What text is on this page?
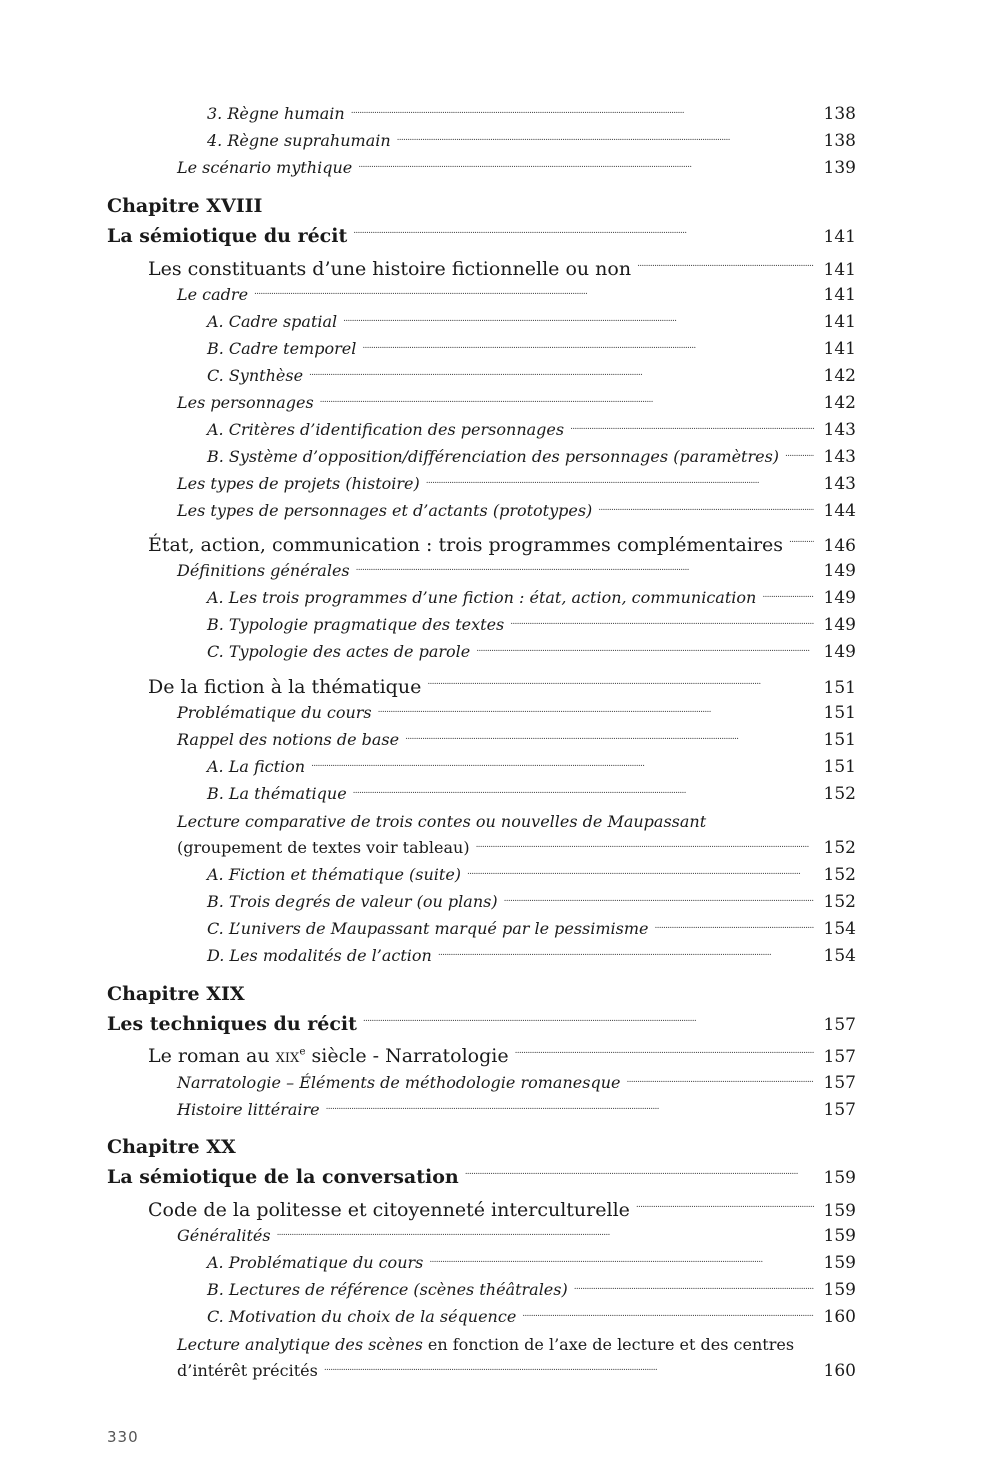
3. Règne humain . . .	138
4. Règne suprahumain . . .	138
Le scénario mythique . . .	139
Chapitre XVIII
La sémiotique du récit . . .	141
Les constituants d’une histoire fictionnelle ou non . . .	141
Le cadre . . .	141
A. Cadre spatial . . .	141
B. Cadre temporel . . .	141
C. Synthèse . . .	142
Les personnages . . .	142
A. Critères d’identification des personnages . . .	143
B. Système d’opposition/différenciation des personnages (paramètres) . . .	143
Les types de projets (histoire) . . .	143
Les types de personnages et d’actants (prototypes) . . .	144
État, action, communication : trois programmes complémentaires . . .	146
Définitions générales . . .	149
A. Les trois programmes d’une fiction : état, action, communication . . .	149
B. Typologie pragmatique des textes . . .	149
C. Typologie des actes de parole . . .	149
De la fiction à la thématique . . .	151
Problématique du cours . . .	151
Rappel des notions de base . . .	151
A. La fiction . . .	151
B. La thématique . . .	152
Lecture comparative de trois contes ou nouvelles de Maupassant
(groupement de textes voir tableau) . . .	152
A. Fiction et thématique (suite) . . .	152
B. Trois degrés de valeur (ou plans) . . .	152
C. L’univers de Maupassant marqué par le pessimisme . . .	154
D. Les modalités de l’action . . .	154
Chapitre XIX
Les techniques du récit . . .	157
Le roman au xix$^e$ siècle - Narratologie . . .	157
Narratologie – Éléments de méthodologie romanesque . . .	157
Histoire littéraire . . .	157
Chapitre XX
La sémiotique de la conversation . . .	159
Code de la politesse et citoyenneté interculturelle . . .	159
Généralités . . .	159
A. Problématique du cours . . .	159
B. Lectures de référence (scènes théâtrales) . . .	159
C. Motivation du choix de la séquence . . .	160
Lecture analytique des scènes en fonction de l’axe de lecture et des centres
d’intérêt précités . . .	160
330
